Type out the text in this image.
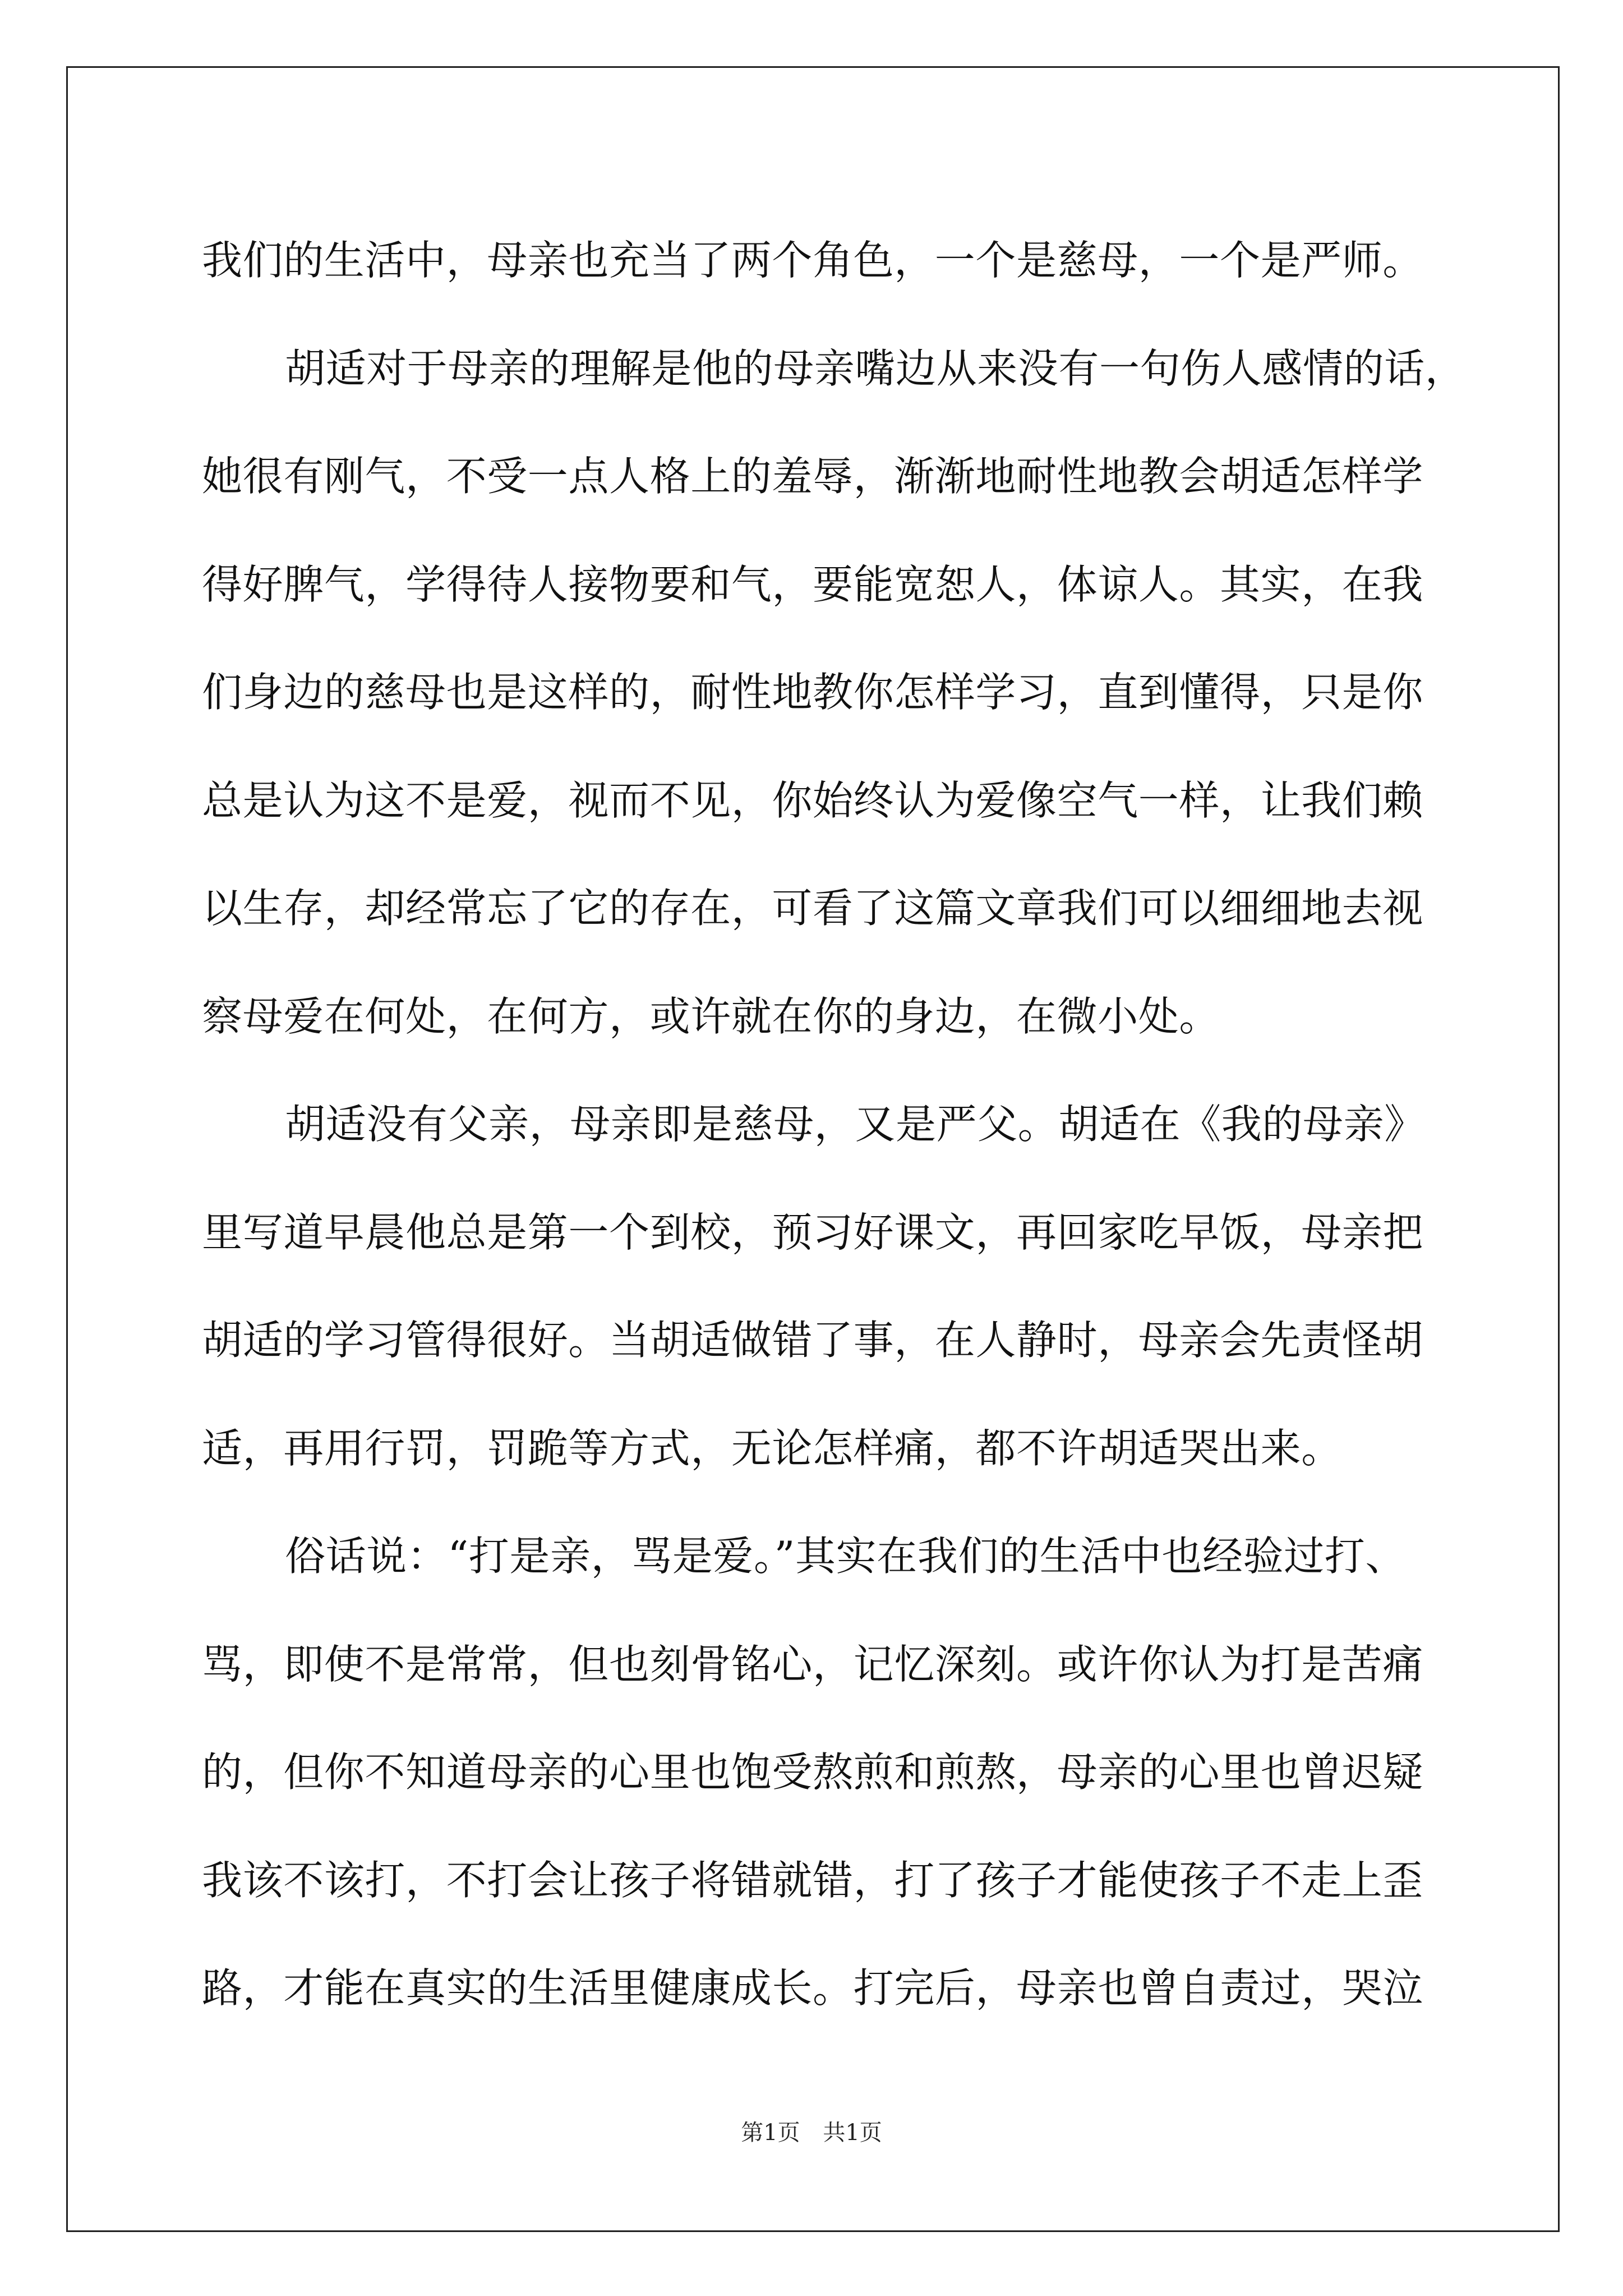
我们的生活中，母亲也充当了两个角色，一个是慈母，一个是严师。
胡适对于母亲的理解是他的母亲嘴边从来没有一句伤人感情的话，
她很有刚气，不受一点人格上的羞辱，渐渐地耐性地教会胡适怎样学
得好脾气，学得待人接物要和气，要能宽恕人，体谅人。其实，在我
们身边的慈母也是这样的，耐性地教你怎样学习，直到懂得，只是你
总是认为这不是爱，视而不见，你始终认为爱像空气一样，让我们赖
以生存，却经常忘了它的存在，可看了这篇文章我们可以细细地去视
察母爱在何处，在何方，或许就在你的身边，在微小处。
胡适没有父亲，母亲即是慈母，又是严父。胡适在《我的母亲》
里写道早晨他总是第一个到校，预习好课文，再回家吃早饭，母亲把
胡适的学习管得很好。当胡适做错了事，在人静时，母亲会先责怪胡
适，再用行罚，罚跪等方式，无论怎样痛，都不许胡适哭出来。
俗话说：“打是亲，骂是爱。”其实在我们的生活中也经验过打、
骂，即使不是常常，但也刻骨铭心，记忆深刻。或许你认为打是苦痛
的，但你不知道母亲的心里也饱受熬煎和煎熬，母亲的心里也曾迟疑
我该不该打，不打会让孩子将错就错，打了孩子才能使孩子不走上歪
路，才能在真实的生活里健康成长。打完后，母亲也曾自责过，哭泣
第1页 共1页
